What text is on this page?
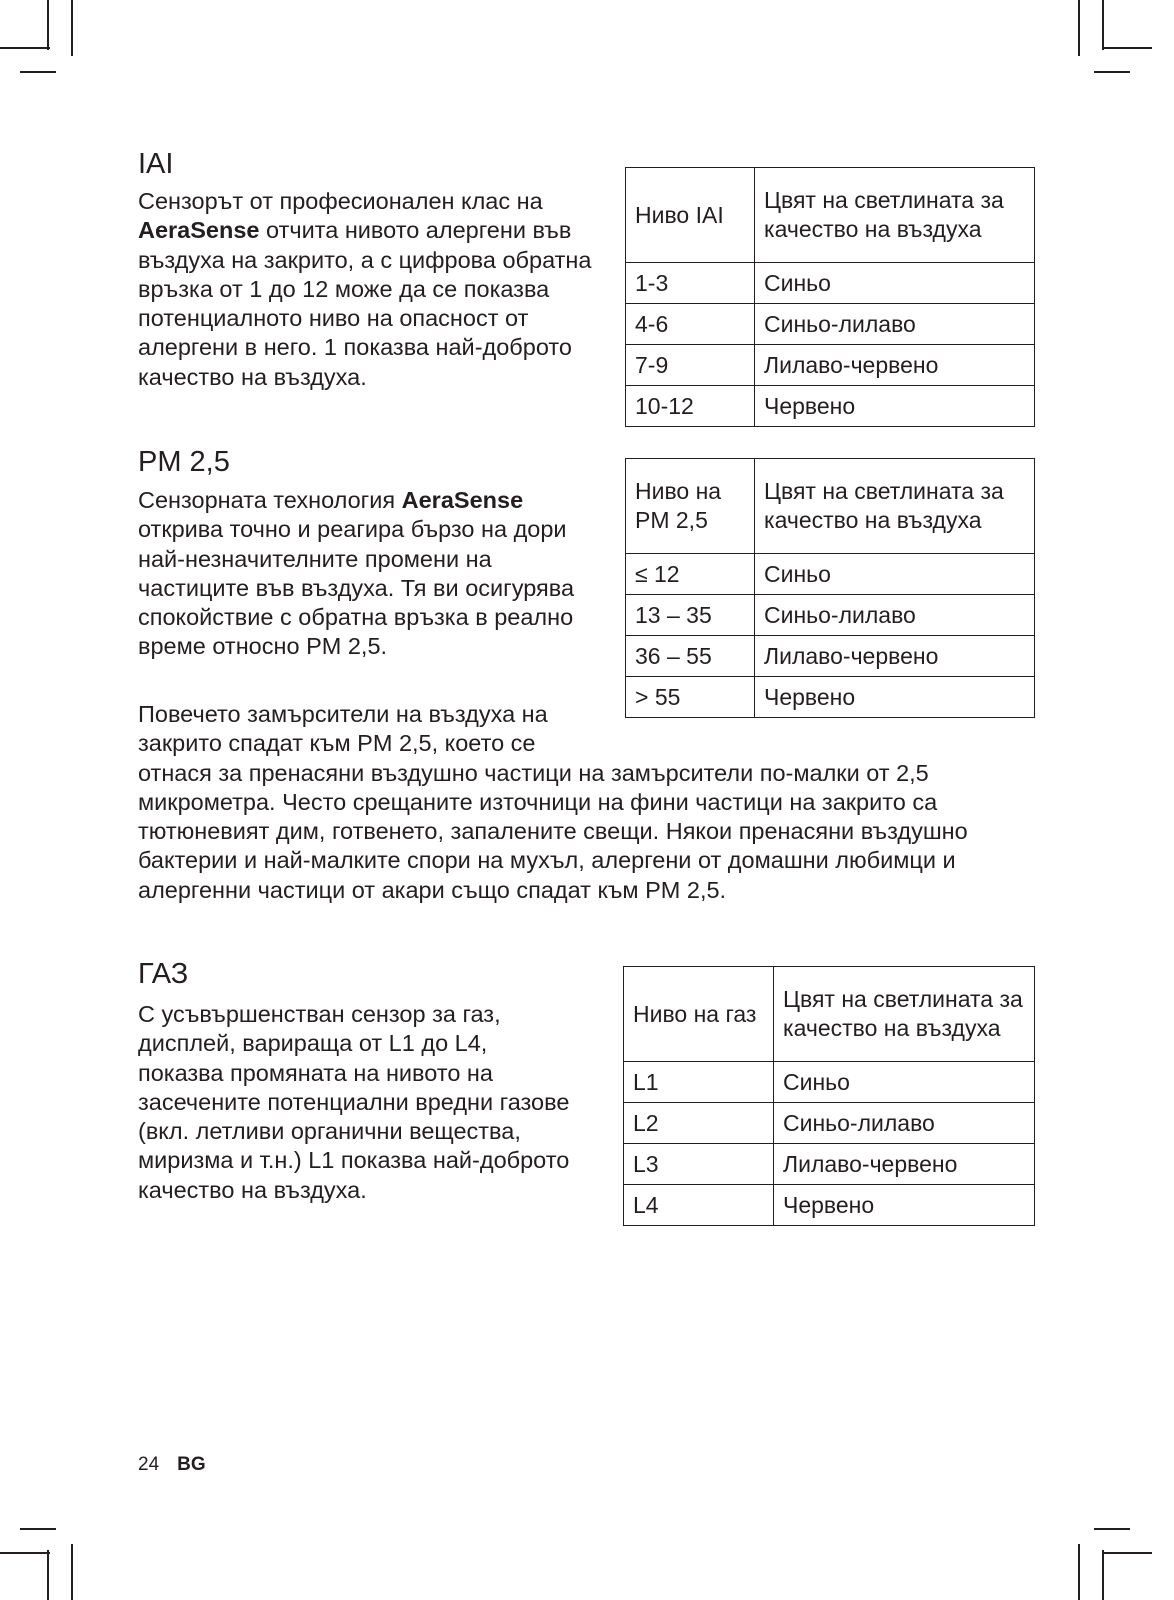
IAI

Сензорът от професионален клас на AeraSense отчита нивото алергени във въздуха на закрито, а с цифрова обратна връзка от 1 до 12 може да се показва потенциалното ниво на опасност от алергени в него. 1 показва най-доброто качество на въздуха.

Ниво IAI	Цвят на светлината за качество на въздуха
1-3	Синьо
4-6	Синьо-лилаво
7-9	Лилаво-червено
10-12	Червено
PM 2,5

Сензорната технология AeraSense открива точно и реагира бързо на дори най-незначителните промени на частиците във въздуха. Тя ви осигурява спокойствие с обратна връзка в реално време относно PM 2,5.

Повечето замърсители на въздуха на закрито спадат към PM 2,5, което се отнася за пренасяни въздушно частици на замърсители по-малки от 2,5 микрометра. Често срещаните източници на фини частици на закрито са тютюневият дим, готвенето, запалените свещи. Някои пренасяни въздушно бактерии и най-малките спори на мухъл, алергени от домашни любимци и алергенни частици от акари също спадат към PM 2,5.

Ниво на PM 2,5	Цвят на светлината за качество на въздуха
≤ 12	Синьо
13 – 35	Синьо-лилаво
36 – 55	Лилаво-червено
> 55	Червено
ГАЗ

С усъвършенстван сензор за газ, дисплей, варираща от L1 до L4, показва промяната на нивото на засечените потенциални вредни газове (вкл. летливи органични вещества, миризма и т.н.) L1 показва най-доброто качество на въздуха.

Ниво на газ	Цвят на светлината за качество на въздуха
L1	Синьо
L2	Синьо-лилаво
L3	Лилаво-червено
L4	Червено
24 BG
